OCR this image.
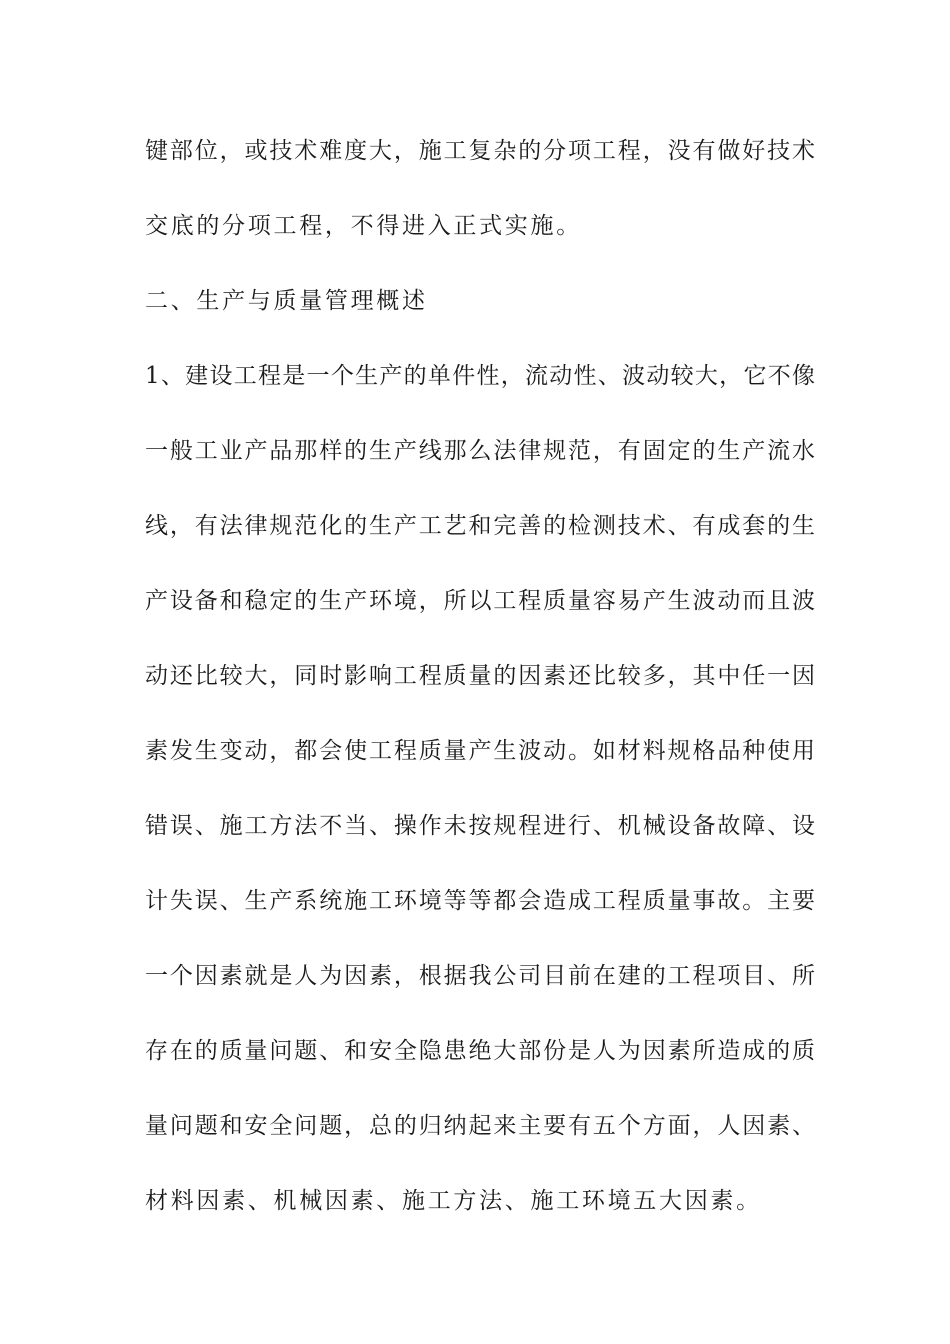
键部位，或技术难度大，施工复杂的分项工程，没有做好技术
交底的分项工程，不得进入正式实施。
二、生产与质量管理概述
1、建设工程是一个生产的单件性，流动性、波动较大，它不像
一般工业产品那样的生产线那么法律规范，有固定的生产流水
线，有法律规范化的生产工艺和完善的检测技术、有成套的生
产设备和稳定的生产环境，所以工程质量容易产生波动而且波
动还比较大，同时影响工程质量的因素还比较多，其中任一因
素发生变动，都会使工程质量产生波动。如材料规格品种使用
错误、施工方法不当、操作未按规程进行、机械设备故障、设
计失误、生产系统施工环境等等都会造成工程质量事故。主要
一个因素就是人为因素，根据我公司目前在建的工程项目、所
存在的质量问题、和安全隐患绝大部份是人为因素所造成的质
量问题和安全问题，总的归纳起来主要有五个方面，人因素、
材料因素、机械因素、施工方法、施工环境五大因素。
